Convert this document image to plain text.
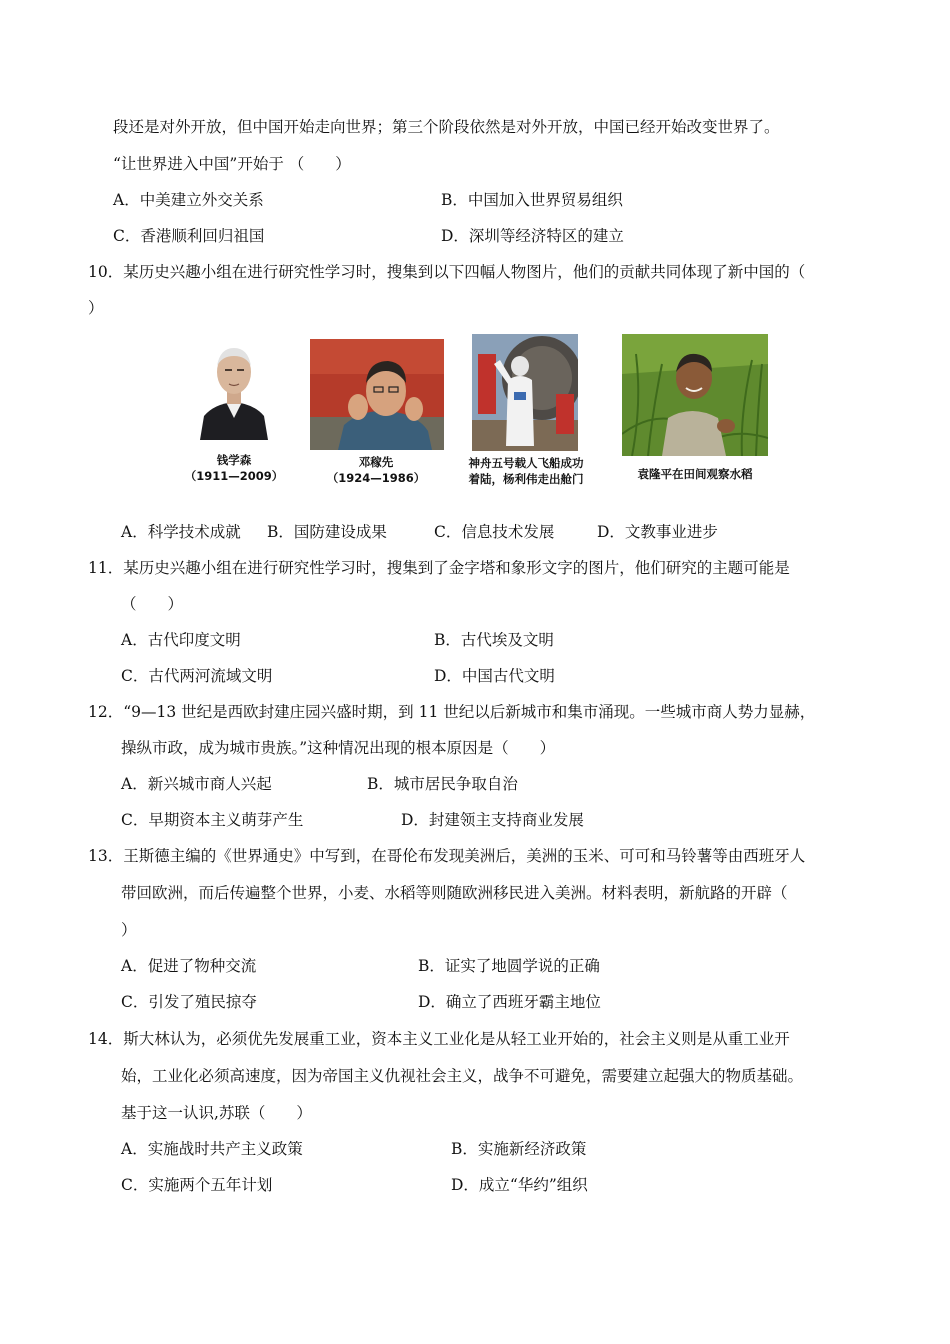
段还是对外开放，但中国开始走向世界；第三个阶段依然是对外开放，中国已经开始改变世界了。
“让世界进入中国”开始于 （　　）
A．中美建立外交关系	B．中国加入世界贸易组织
C．香港顺利回归祖国	D．深圳等经济特区的建立
10．某历史兴趣小组在进行研究性学习时，搜集到以下四幅人物图片，他们的贡献共同体现了新中国的（
）
钱学森
（1911—2009）
邓稼先
（1924—1986）
神舟五号载人飞船成功
着陆，杨利伟走出舱门	袁隆平在田间观察水稻
A．科学技术成就 B．国防建设成果	C．信息技术发展	D．文教事业进步
11．某历史兴趣小组在进行研究性学习时，搜集到了金字塔和象形文字的图片，他们研究的主题可能是
（　　）
A．古代印度文明	B．古代埃及文明
C．古代两河流域文明	D．中国古代文明
12．“9—13 世纪是西欧封建庄园兴盛时期，到 11 世纪以后新城市和集市涌现。一些城市商人势力显赫，
操纵市政，成为城市贵族。”这种情况出现的根本原因是（　　）
A．新兴城市商人兴起	B．城市居民争取自治
C．早期资本主义萌芽产生	D．封建领主支持商业发展
13．王斯德主编的《世界通史》中写到，在哥伦布发现美洲后，美洲的玉米、可可和马铃薯等由西班牙人
带回欧洲，而后传遍整个世界，小麦、水稻等则随欧洲移民进入美洲。材料表明，新航路的开辟（
）
A．促进了物种交流	B．证实了地圆学说的正确
C．引发了殖民掠夺	D．确立了西班牙霸主地位
14．斯大林认为，必须优先发展重工业，资本主义工业化是从轻工业开始的，社会主义则是从重工业开
始，工业化必须高速度，因为帝国主义仇视社会主义，战争不可避免，需要建立起强大的物质基础。
基于这一认识,苏联（　　）
A．实施战时共产主义政策	B．实施新经济政策
C．实施两个五年计划	D．成立“华约”组织
